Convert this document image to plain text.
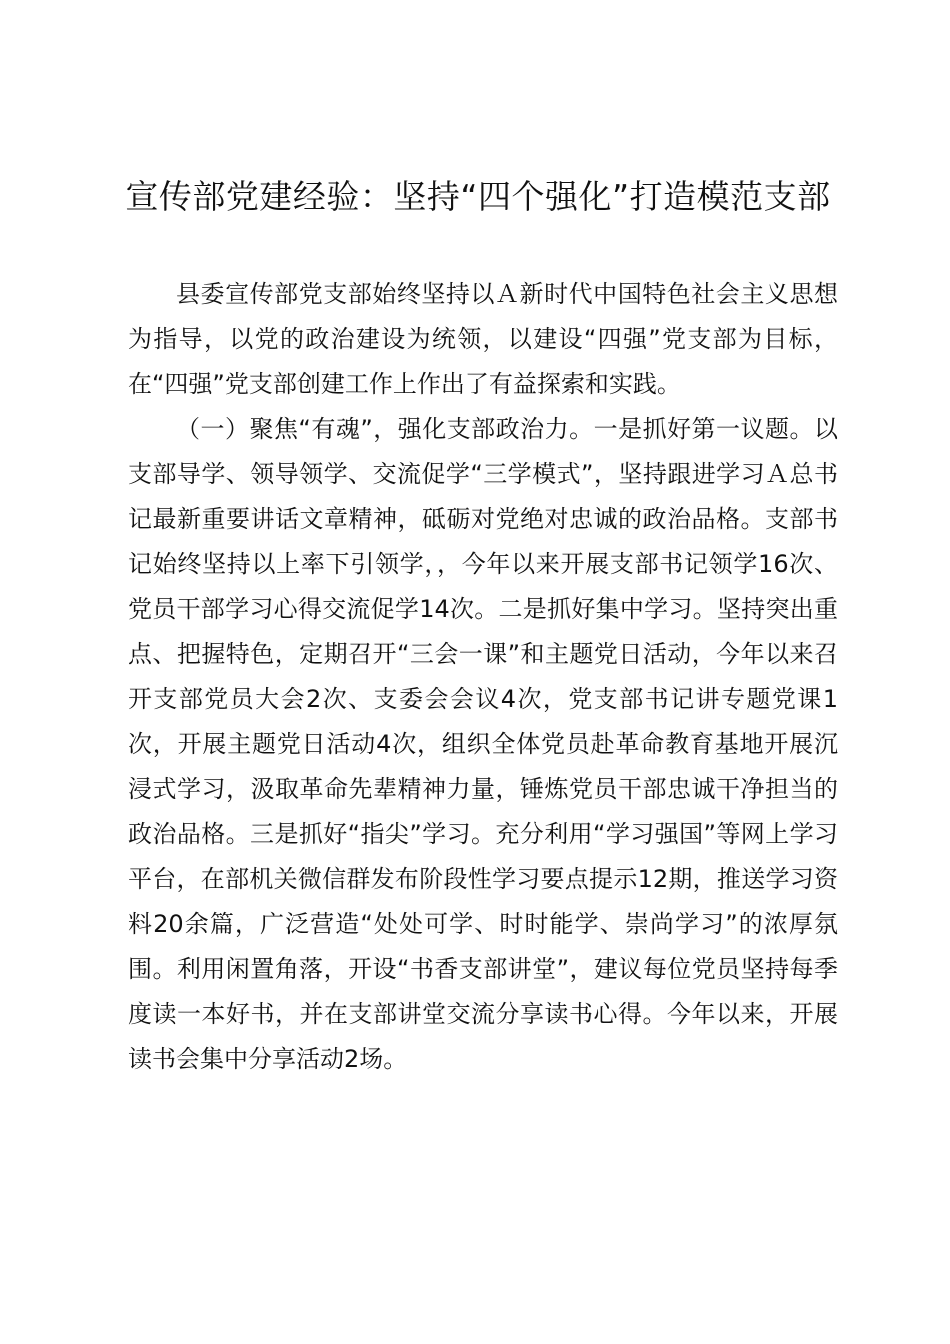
宣传部党建经验：坚持“四个强化”打造模范支部

县委宣传部党支部始终坚持以Ａ新时代中国特色社会主义思想为指导，以党的政治建设为统领，以建设“四强”党支部为目标，在“四强”党支部创建工作上作出了有益探索和实践。

（一）聚焦“有魂”，强化支部政治力。一是抓好第一议题。以支部导学、领导领学、交流促学“三学模式”，坚持跟进学习Ａ总书记最新重要讲话文章精神，砥砺对党绝对忠诚的政治品格。支部书记始终坚持以上率下引领学，，今年以来开展支部书记领学16次、党员干部学习心得交流促学14次。二是抓好集中学习。坚持突出重点、把握特色，定期召开“三会一课”和主题党日活动，今年以来召开支部党员大会2次、支委会会议4次，党支部书记讲专题党课1次，开展主题党日活动4次，组织全体党员赴革命教育基地开展沉浸式学习，汲取革命先辈精神力量，锤炼党员干部忠诚干净担当的政治品格。三是抓好“指尖”学习。充分利用“学习强国”等网上学习平台，在部机关微信群发布阶段性学习要点提示12期，推送学习资料20余篇，广泛营造“处处可学、时时能学、崇尚学习”的浓厚氛围。利用闲置角落，开设“书香支部讲堂”，建议每位党员坚持每季度读一本好书，并在支部讲堂交流分享读书心得。今年以来，开展读书会集中分享活动2场。
